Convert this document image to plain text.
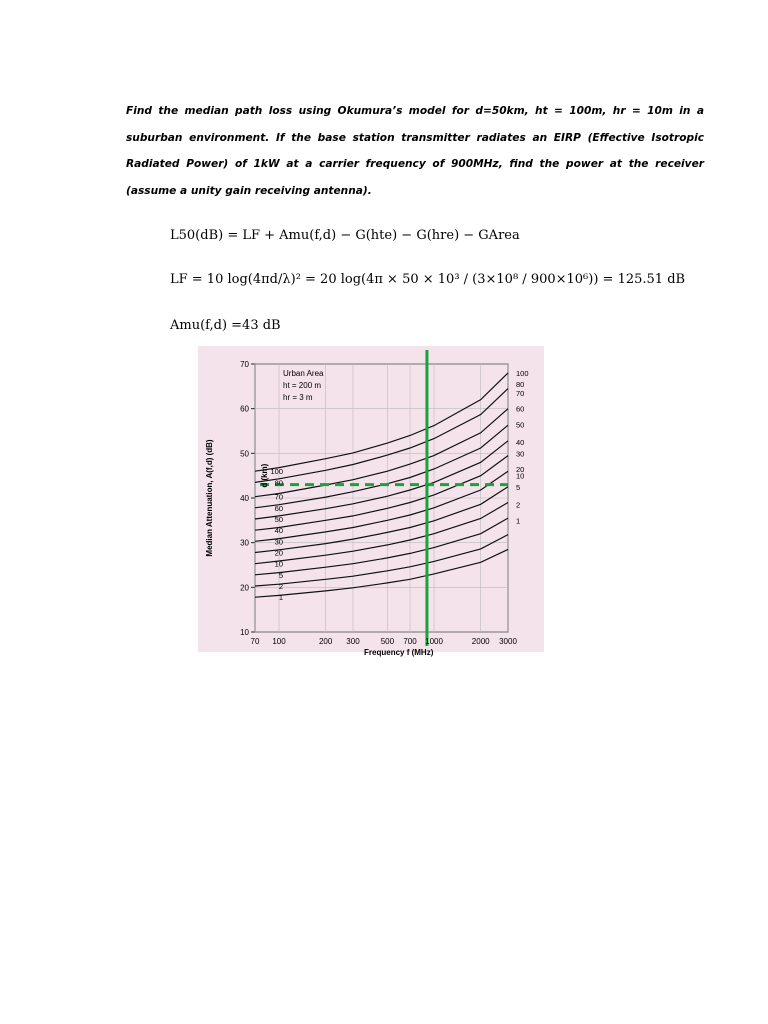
Find the median path loss using Okumura’s model for d=50km, ht = 100m, hr = 10m in a suburban environment. If the base station transmitter radiates an EIRP (Effective Isotropic Radiated Power) of 1kW at a carrier frequency of 900MHz, find the power at the receiver (assume a unity gain receiving antenna).

L50(dB) = LF + Amu(f,d) − G(hte) − G(hre) − GArea
LF = 10 log(4πd/λ)² = 20 log(4π × 50 × 10³ / (3×10⁸ / 900×10⁶)) = 125.51 dB
Amu(f,d) =43 dB
70
60
50
40
30
20
10
70 100	200 300	500 700 1000	2000 3000
100
80
70
60
50
40
30
20
10
5
2
1
100
80
70
60
50
40
30
20
10
5
2
1
Urban Area
ht = 200 m
hr = 3 m
Median Attenuation, A(f,d) (dB)	d (km)
Frequency f (MHz)
